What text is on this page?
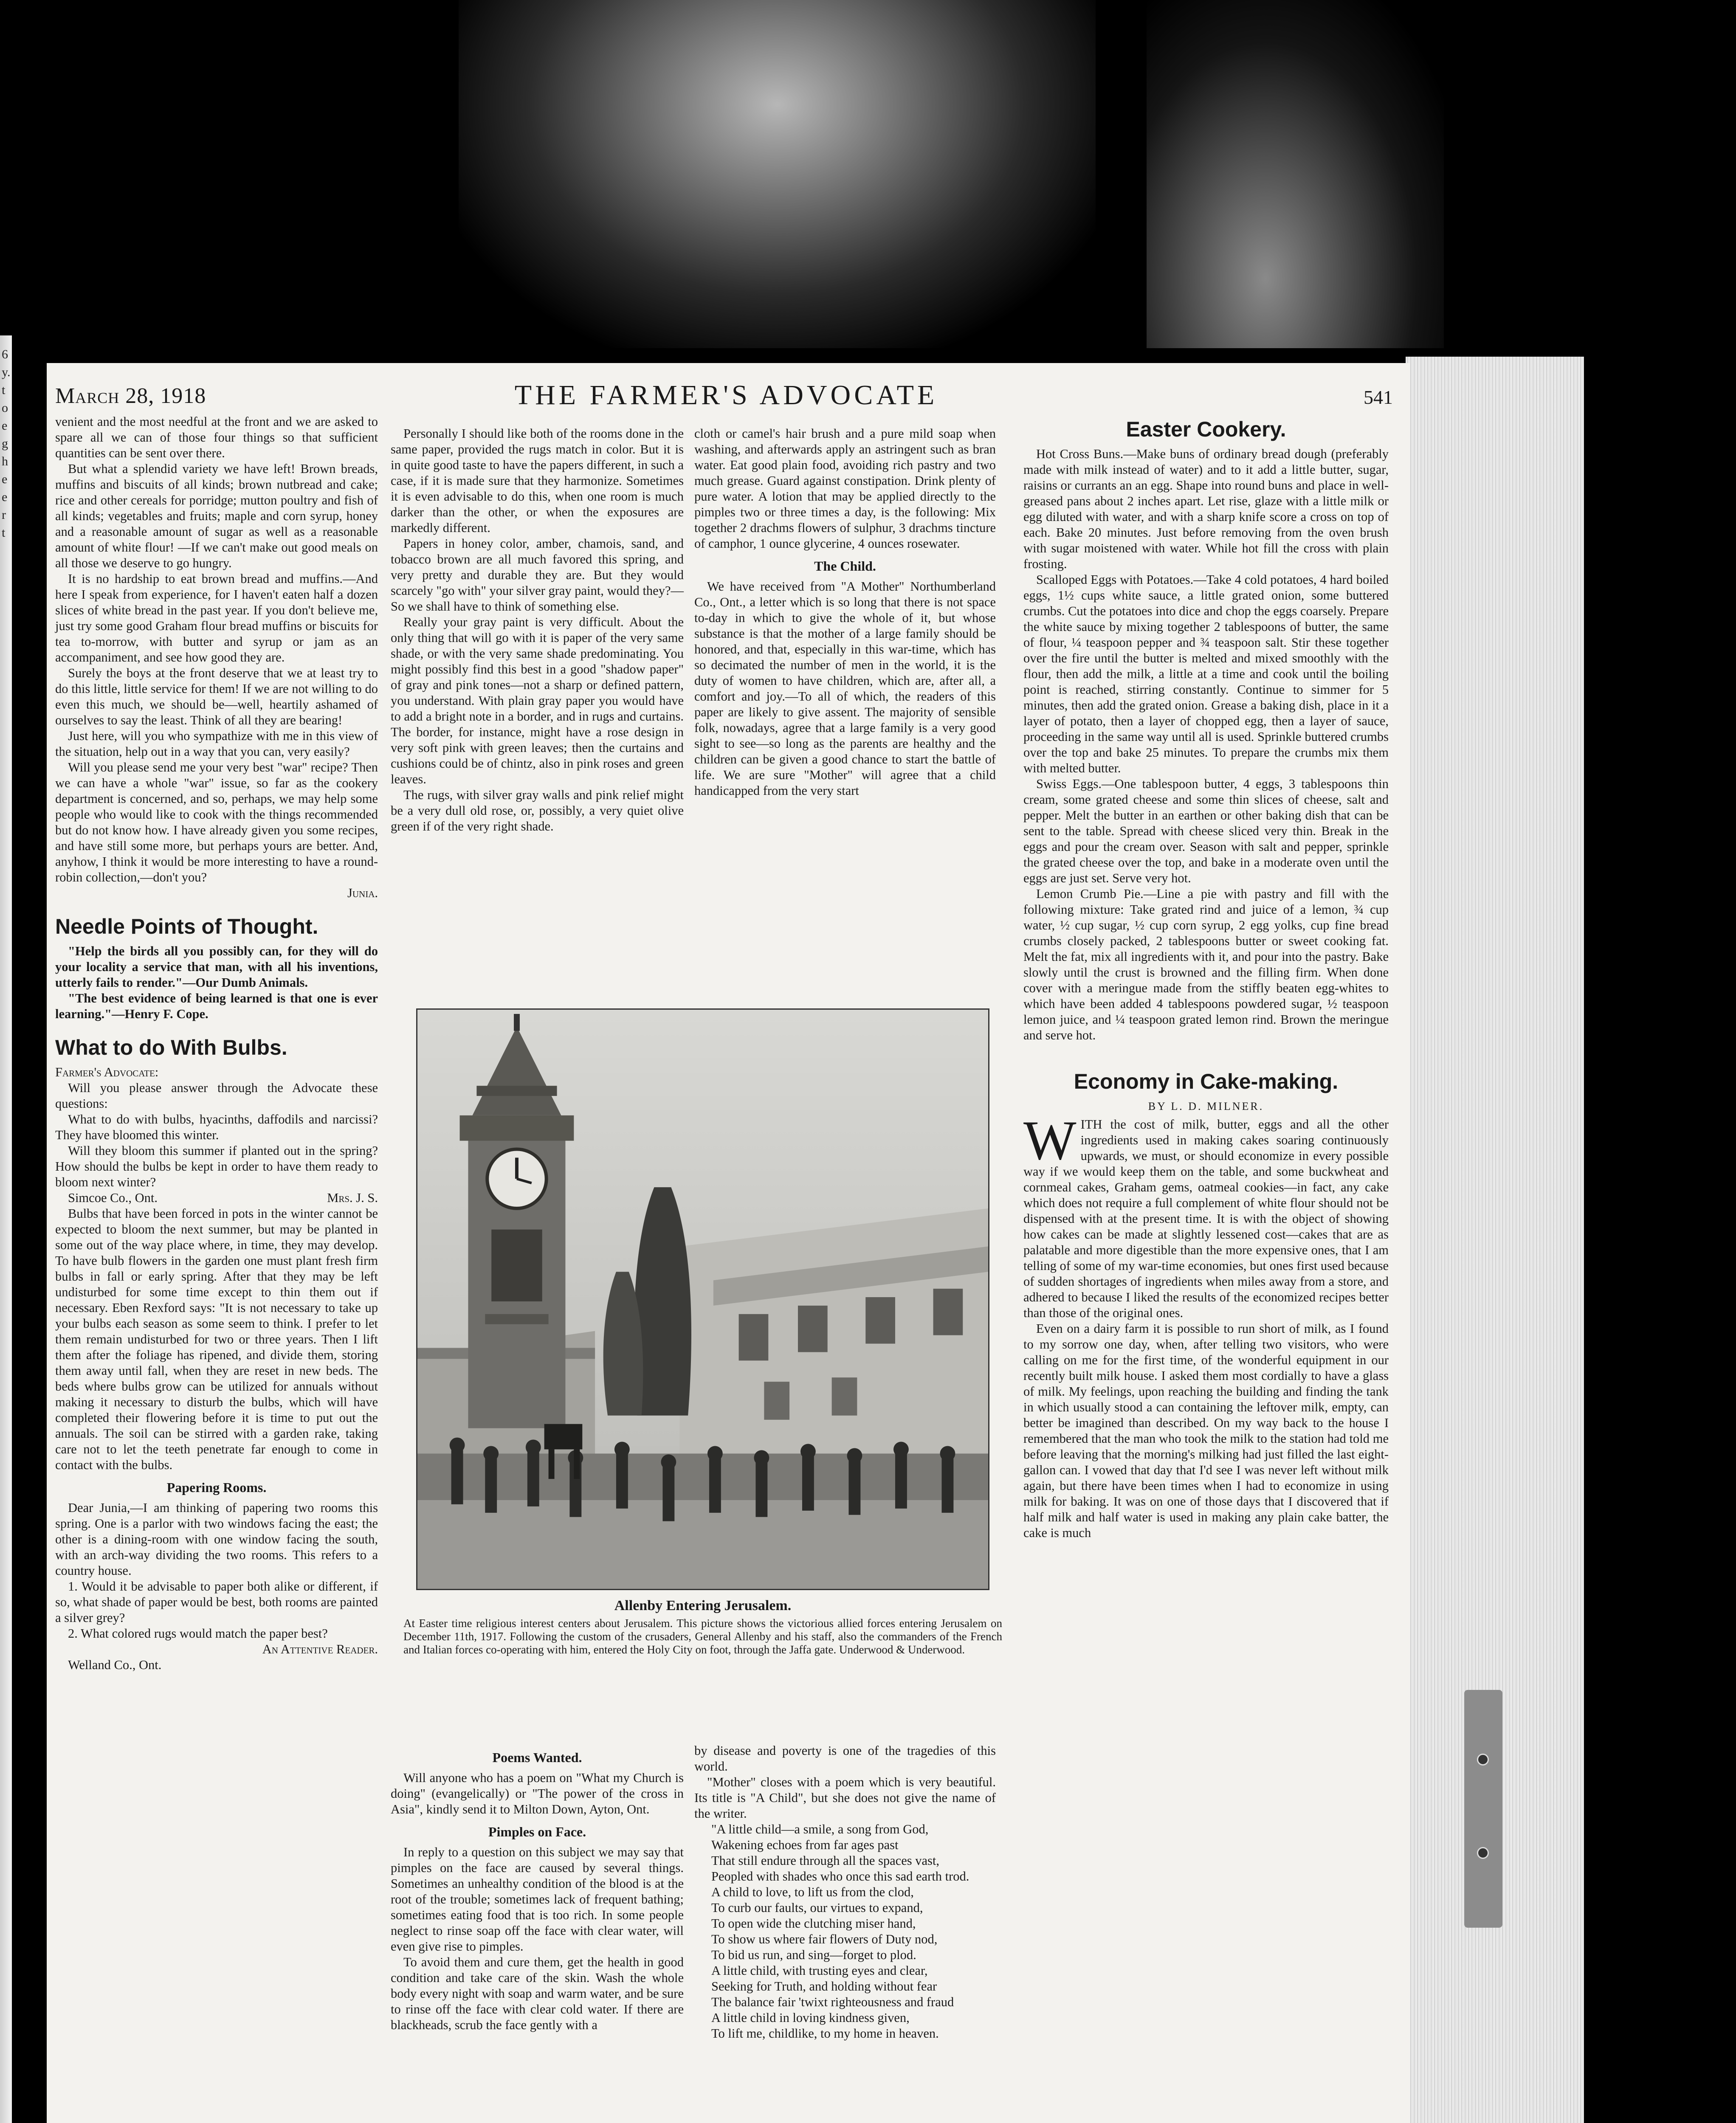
6
y.
t
o
e
g
h
e
e
r
t
March 28, 1918	THE FARMER'S ADVOCATE	541

venient and the most needful at the front and we are asked to spare all we can of those four things so that sufficient quantities can be sent over there.

But what a splendid variety we have left! Brown breads, muffins and biscuits of all kinds; brown nutbread and cake; rice and other cereals for porridge; mutton poultry and fish of all kinds; vegetables and fruits; maple and corn syrup, honey and a reasonable amount of sugar as well as a reasonable amount of white flour! —If we can't make out good meals on all those we deserve to go hungry.

It is no hardship to eat brown bread and muffins.—And here I speak from experience, for I haven't eaten half a dozen slices of white bread in the past year. If you don't believe me, just try some good Graham flour bread muffins or biscuits for tea to-morrow, with butter and syrup or jam as an accompaniment, and see how good they are.

Surely the boys at the front deserve that we at least try to do this little, little service for them! If we are not willing to do even this much, we should be—well, heartily ashamed of ourselves to say the least. Think of all they are bearing!

Just here, will you who sympathize with me in this view of the situation, help out in a way that you can, very easily?

Will you please send me your very best "war" recipe? Then we can have a whole "war" issue, so far as the cookery department is concerned, and so, perhaps, we may help some people who would like to cook with the things recommended but do not know how. I have already given you some recipes, and have still some more, but perhaps yours are better. And, anyhow, I think it would be more interesting to have a round-robin collection,—don't you?

Junia.

Needle Points of Thought.

"Help the birds all you possibly can, for they will do your locality a service that man, with all his inventions, utterly fails to render."—Our Dumb Animals.

"The best evidence of being learned is that one is ever learning."—Henry F. Cope.

What to do With Bulbs.

Farmer's Advocate:

Will you please answer through the Advocate these questions:

What to do with bulbs, hyacinths, daffodils and narcissi? They have bloomed this winter.

Will they bloom this summer if planted out in the spring? How should the bulbs be kept in order to have them ready to bloom next winter?

Simcoe Co., Ont.	Mrs. J. S.

Bulbs that have been forced in pots in the winter cannot be expected to bloom the next summer, but may be planted in some out of the way place where, in time, they may develop. To have bulb flowers in the garden one must plant fresh firm bulbs in fall or early spring. After that they may be left undisturbed for some time except to thin them out if necessary. Eben Rexford says: "It is not necessary to take up your bulbs each season as some seem to think. I prefer to let them remain undisturbed for two or three years. Then I lift them after the foliage has ripened, and divide them, storing them away until fall, when they are reset in new beds. The beds where bulbs grow can be utilized for annuals without making it necessary to disturb the bulbs, which will have completed their flowering before it is time to put out the annuals. The soil can be stirred with a garden rake, taking care not to let the teeth penetrate far enough to come in contact with the bulbs.

Papering Rooms.

Dear Junia,—I am thinking of papering two rooms this spring. One is a parlor with two windows facing the east; the other is a dining-room with one window facing the south, with an arch-way dividing the two rooms. This refers to a country house.

1. Would it be advisable to paper both alike or different, if so, what shade of paper would be best, both rooms are painted a silver grey?

2. What colored rugs would match the paper best?

An Attentive Reader.

Welland Co., Ont.

Personally I should like both of the rooms done in the same paper, provided the rugs match in color. But it is in quite good taste to have the papers different, in such a case, if it is made sure that they harmonize. Sometimes it is even advisable to do this, when one room is much darker than the other, or when the exposures are markedly different.

Papers in honey color, amber, chamois, sand, and tobacco brown are all much favored this spring, and very pretty and durable they are. But they would scarcely "go with" your silver gray paint, would they?—So we shall have to think of something else.

Really your gray paint is very difficult. About the only thing that will go with it is paper of the very same shade, or with the very same shade predominating. You might possibly find this best in a good "shadow paper" of gray and pink tones—not a sharp or defined pattern, you understand. With plain gray paper you would have to add a bright note in a border, and in rugs and curtains. The border, for instance, might have a rose design in very soft pink with green leaves; then the curtains and cushions could be of chintz, also in pink roses and green leaves.

The rugs, with silver gray walls and pink relief might be a very dull old rose, or, possibly, a very quiet olive green if of the very right shade.

cloth or camel's hair brush and a pure mild soap when washing, and afterwards apply an astringent such as bran water. Eat good plain food, avoiding rich pastry and two much grease. Guard against constipation. Drink plenty of pure water. A lotion that may be applied directly to the pimples two or three times a day, is the following: Mix together 2 drachms flowers of sulphur, 3 drachms tincture of camphor, 1 ounce glycerine, 4 ounces rosewater.

The Child.

We have received from "A Mother" Northumberland Co., Ont., a letter which is so long that there is not space to-day in which to give the whole of it, but whose substance is that the mother of a large family should be honored, and that, especially in this war-time, which has so decimated the number of men in the world, it is the duty of women to have children, which are, after all, a comfort and joy.—To all of which, the readers of this paper are likely to give assent. The majority of sensible folk, nowadays, agree that a large family is a very good sight to see—so long as the parents are healthy and the children can be given a good chance to start the battle of life. We are sure "Mother" will agree that a child handicapped from the very start

Allenby Entering Jerusalem.
At Easter time religious interest centers about Jerusalem. This picture shows the victorious allied forces entering Jerusalem on December 11th, 1917. Following the custom of the crusaders, General Allenby and his staff, also the commanders of the French and Italian forces co-operating with him, entered the Holy City on foot, through the Jaffa gate. Underwood & Underwood.
Poems Wanted.

Will anyone who has a poem on "What my Church is doing" (evangelically) or "The power of the cross in Asia", kindly send it to Milton Down, Ayton, Ont.

Pimples on Face.

In reply to a question on this subject we may say that pimples on the face are caused by several things. Sometimes an unhealthy condition of the blood is at the root of the trouble; sometimes lack of frequent bathing; sometimes eating food that is too rich. In some people neglect to rinse soap off the face with clear water, will even give rise to pimples.

To avoid them and cure them, get the health in good condition and take care of the skin. Wash the whole body every night with soap and warm water, and be sure to rinse off the face with clear cold water. If there are blackheads, scrub the face gently with a

by disease and poverty is one of the tragedies of this world.

"Mother" closes with a poem which is very beautiful. Its title is "A Child", but she does not give the name of the writer.

"A little child—a smile, a song from God,

Wakening echoes from far ages past

That still endure through all the spaces vast,

Peopled with shades who once this sad earth trod.

A child to love, to lift us from the clod,

To curb our faults, our virtues to expand,

To open wide the clutching miser hand,

To show us where fair flowers of Duty nod,

To bid us run, and sing—forget to plod.

A little child, with trusting eyes and clear,

Seeking for Truth, and holding without fear

The balance fair 'twixt righteousness and fraud

A little child in loving kindness given,

To lift me, childlike, to my home in heaven.

Easter Cookery.

Hot Cross Buns.—Make buns of ordinary bread dough (preferably made with milk instead of water) and to it add a little butter, sugar, raisins or currants an an egg. Shape into round buns and place in well-greased pans about 2 inches apart. Let rise, glaze with a little milk or egg diluted with water, and with a sharp knife score a cross on top of each. Bake 20 minutes. Just before removing from the oven brush with sugar moistened with water. While hot fill the cross with plain frosting.

Scalloped Eggs with Potatoes.—Take 4 cold potatoes, 4 hard boiled eggs, 1½ cups white sauce, a little grated onion, some buttered crumbs. Cut the potatoes into dice and chop the eggs coarsely. Prepare the white sauce by mixing together 2 tablespoons of butter, the same of flour, ¼ teaspoon pepper and ¾ teaspoon salt. Stir these together over the fire until the butter is melted and mixed smoothly with the flour, then add the milk, a little at a time and cook until the boiling point is reached, stirring constantly. Continue to simmer for 5 minutes, then add the grated onion. Grease a baking dish, place in it a layer of potato, then a layer of chopped egg, then a layer of sauce, proceeding in the same way until all is used. Sprinkle buttered crumbs over the top and bake 25 minutes. To prepare the crumbs mix them with melted butter.

Swiss Eggs.—One tablespoon butter, 4 eggs, 3 tablespoons thin cream, some grated cheese and some thin slices of cheese, salt and pepper. Melt the butter in an earthen or other baking dish that can be sent to the table. Spread with cheese sliced very thin. Break in the eggs and pour the cream over. Season with salt and pepper, sprinkle the grated cheese over the top, and bake in a moderate oven until the eggs are just set. Serve very hot.

Lemon Crumb Pie.—Line a pie with pastry and fill with the following mixture: Take grated rind and juice of a lemon, ¾ cup water, ½ cup sugar, ½ cup corn syrup, 2 egg yolks, cup fine bread crumbs closely packed, 2 tablespoons butter or sweet cooking fat. Melt the fat, mix all ingredients with it, and pour into the pastry. Bake slowly until the crust is browned and the filling firm. When done cover with a meringue made from the stiffly beaten egg-whites to which have been added 4 tablespoons powdered sugar, ½ teaspoon lemon juice, and ¼ teaspoon grated lemon rind. Brown the meringue and serve hot.

Economy in Cake-making.

BY L. D. MILNER.

WITH the cost of milk, butter, eggs and all the other ingredients used in making cakes soaring continuously upwards, we must, or should economize in every possible way if we would keep them on the table, and some buckwheat and cornmeal cakes, Graham gems, oatmeal cookies—in fact, any cake which does not require a full complement of white flour should not be dispensed with at the present time. It is with the object of showing how cakes can be made at slightly lessened cost—cakes that are as palatable and more digestible than the more expensive ones, that I am telling of some of my war-time economies, but ones first used because of sudden shortages of ingredients when miles away from a store, and adhered to because I liked the results of the economized recipes better than those of the original ones.

Even on a dairy farm it is possible to run short of milk, as I found to my sorrow one day, when, after telling two visitors, who were calling on me for the first time, of the wonderful equipment in our recently built milk house. I asked them most cordially to have a glass of milk. My feelings, upon reaching the building and finding the tank in which usually stood a can containing the leftover milk, empty, can better be imagined than described. On my way back to the house I remembered that the man who took the milk to the station had told me before leaving that the morning's milking had just filled the last eight-gallon can. I vowed that day that I'd see I was never left without milk again, but there have been times when I had to economize in using milk for baking. It was on one of those days that I discovered that if half milk and half water is used in making any plain cake batter, the cake is much
